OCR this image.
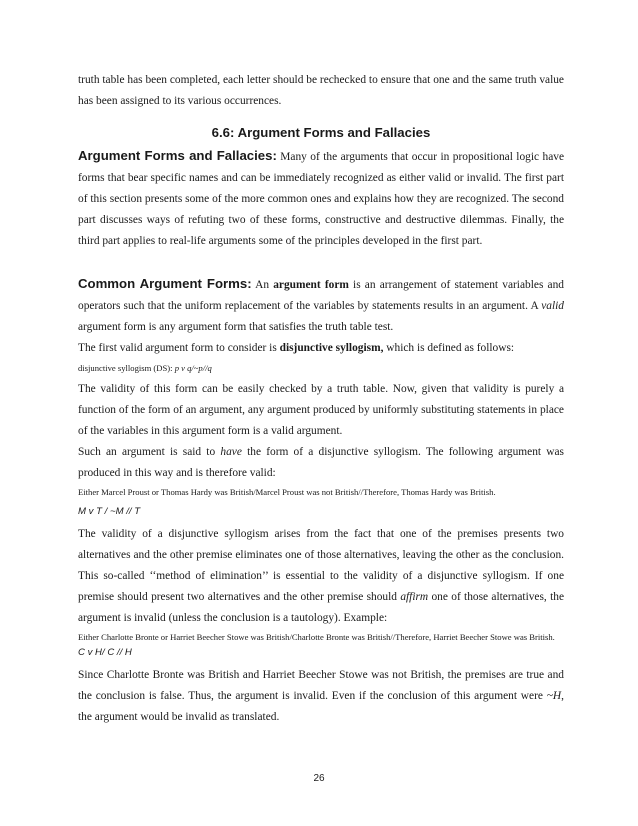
truth table has been completed, each letter should be rechecked to ensure that one and the same truth value has been assigned to its various occurrences.

6.6: Argument Forms and Fallacies

Argument Forms and Fallacies: Many of the arguments that occur in propositional logic have forms that bear specific names and can be immediately recognized as either valid or invalid. The first part of this section presents some of the more common ones and explains how they are recognized. The second part discusses ways of refuting two of these forms, constructive and destructive dilemmas. Finally, the third part applies to real-life arguments some of the principles developed in the first part.

Common Argument Forms: An argument form is an arrangement of statement variables and operators such that the uniform replacement of the variables by statements results in an argument. A valid argument form is any argument form that satisfies the truth table test.

The first valid argument form to consider is disjunctive syllogism, which is defined as follows:

disjunctive syllogism (DS): p v q/~p//q

The validity of this form can be easily checked by a truth table. Now, given that validity is purely a function of the form of an argument, any argument produced by uniformly substituting statements in place of the variables in this argument form is a valid argument.

Such an argument is said to have the form of a disjunctive syllogism. The following argument was produced in this way and is therefore valid:

Either Marcel Proust or Thomas Hardy was British/Marcel Proust was not British//Therefore, Thomas Hardy was British.
M v T / ~M // T

The validity of a disjunctive syllogism arises from the fact that one of the premises presents two alternatives and the other premise eliminates one of those alternatives, leaving the other as the conclusion. This so-called ‘‘method of elimination’’ is essential to the validity of a disjunctive syllogism. If one premise should present two alternatives and the other premise should affirm one of those alternatives, the argument is invalid (unless the conclusion is a tautology). Example:

Either Charlotte Bronte or Harriet Beecher Stowe was British/Charlotte Bronte was British//Therefore, Harriet Beecher Stowe was British.
C v H/ C // H

Since Charlotte Bronte was British and Harriet Beecher Stowe was not British, the premises are true and the conclusion is false. Thus, the argument is invalid. Even if the conclusion of this argument were ~H, the argument would be invalid as translated.

26
